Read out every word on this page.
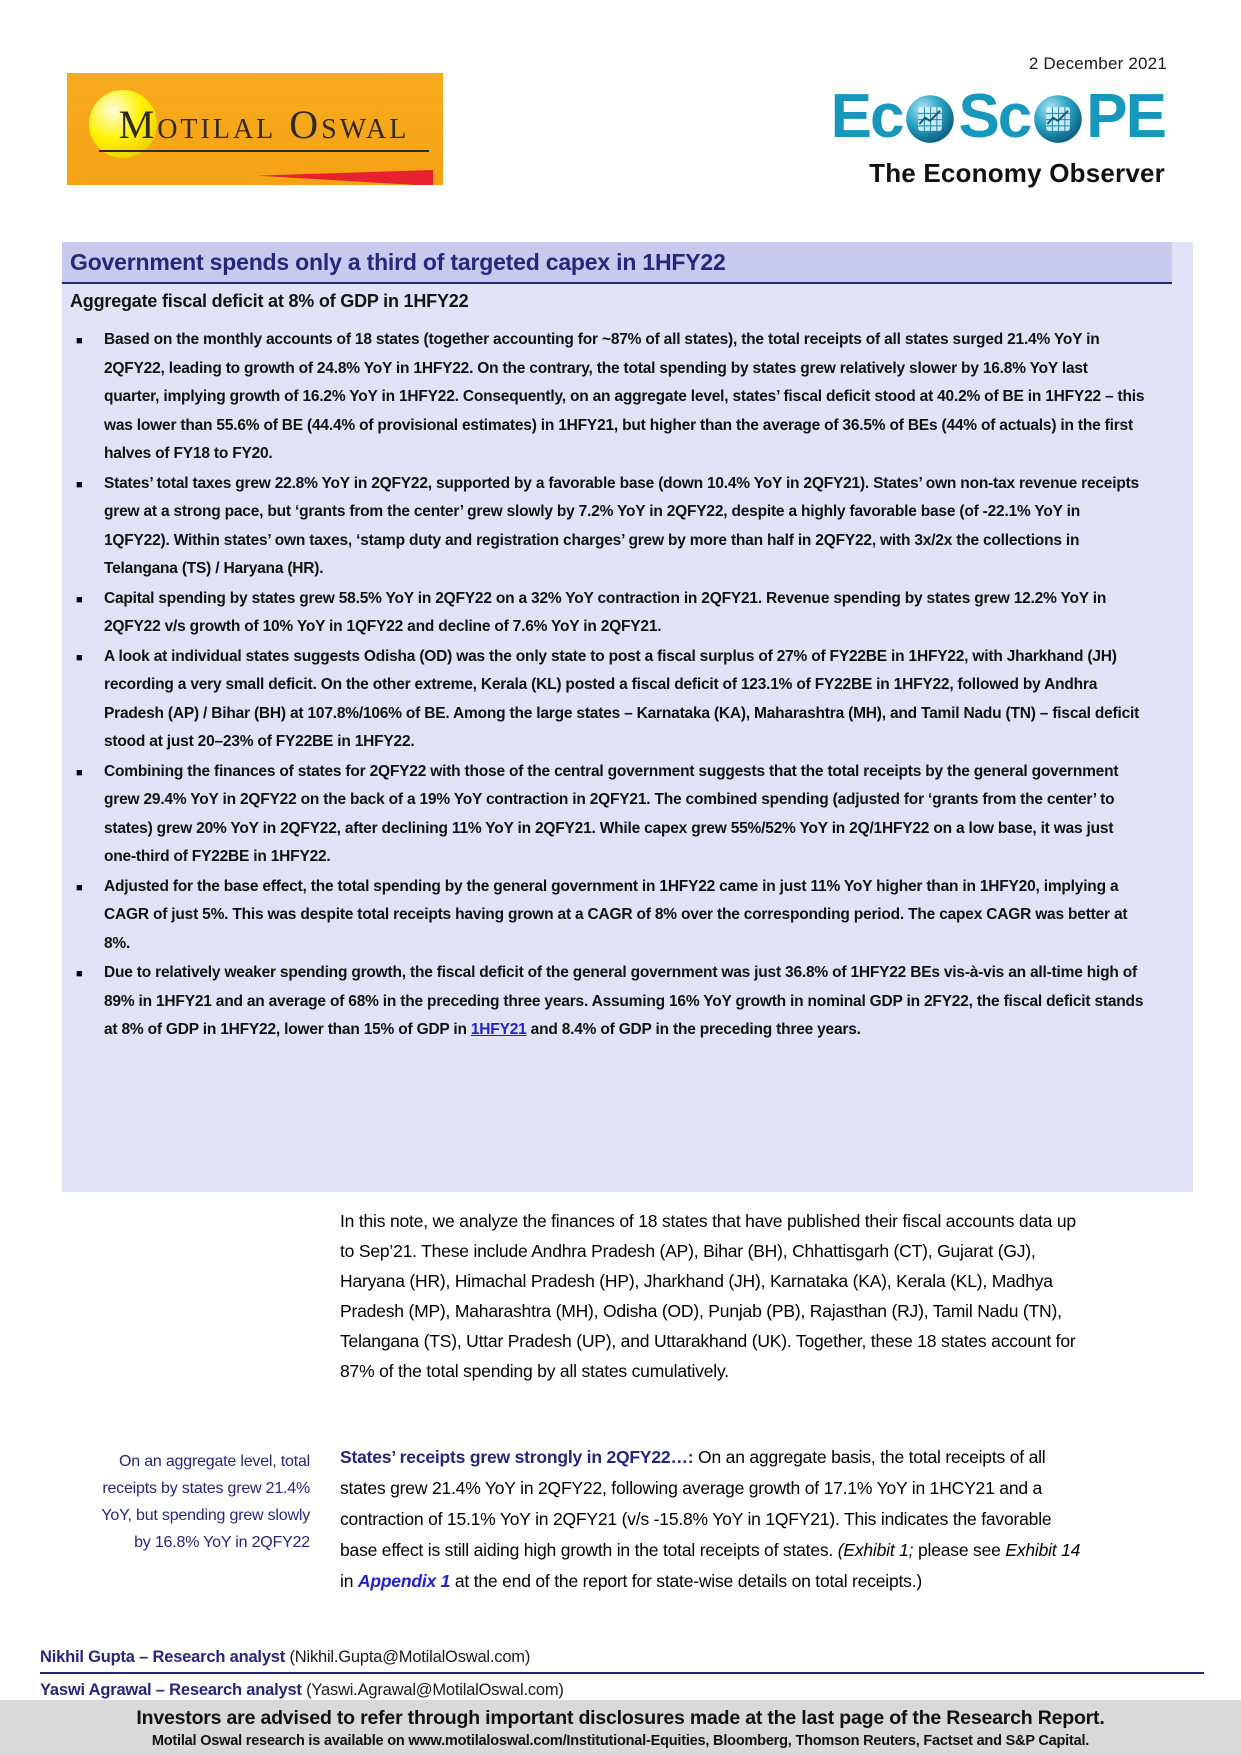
2 December 2021
Motilal Oswal	Ec Sc PE
The Economy Observer
Government spends only a third of targeted capex in 1HFY22
Aggregate fiscal deficit at 8% of GDP in 1HFY22
■ Based on the monthly accounts of 18 states (together accounting for ~87% of all states), the total receipts of all states surged 21.4% YoY in 2QFY22, leading to growth of 24.8% YoY in 1HFY22. On the contrary, the total spending by states grew relatively slower by 16.8% YoY last quarter, implying growth of 16.2% YoY in 1HFY22. Consequently, on an aggregate level, states’ fiscal deficit stood at 40.2% of BE in 1HFY22 – this was lower than 55.6% of BE (44.4% of provisional estimates) in 1HFY21, but higher than the average of 36.5% of BEs (44% of actuals) in the first halves of FY18 to FY20.
■ States’ total taxes grew 22.8% YoY in 2QFY22, supported by a favorable base (down 10.4% YoY in 2QFY21). States’ own non-tax revenue receipts grew at a strong pace, but ‘grants from the center’ grew slowly by 7.2% YoY in 2QFY22, despite a highly favorable base (of -22.1% YoY in 1QFY22). Within states’ own taxes, ‘stamp duty and registration charges’ grew by more than half in 2QFY22, with 3x/2x the collections in Telangana (TS) / Haryana (HR).
■ Capital spending by states grew 58.5% YoY in 2QFY22 on a 32% YoY contraction in 2QFY21. Revenue spending by states grew 12.2% YoY in 2QFY22 v/s growth of 10% YoY in 1QFY22 and decline of 7.6% YoY in 2QFY21.
■ A look at individual states suggests Odisha (OD) was the only state to post a fiscal surplus of 27% of FY22BE in 1HFY22, with Jharkhand (JH) recording a very small deficit. On the other extreme, Kerala (KL) posted a fiscal deficit of 123.1% of FY22BE in 1HFY22, followed by Andhra Pradesh (AP) / Bihar (BH) at 107.8%/106% of BE. Among the large states – Karnataka (KA), Maharashtra (MH), and Tamil Nadu (TN) – fiscal deficit stood at just 20–23% of FY22BE in 1HFY22.
■ Combining the finances of states for 2QFY22 with those of the central government suggests that the total receipts by the general government grew 29.4% YoY in 2QFY22 on the back of a 19% YoY contraction in 2QFY21. The combined spending (adjusted for ‘grants from the center’ to states) grew 20% YoY in 2QFY22, after declining 11% YoY in 2QFY21. While capex grew 55%/52% YoY in 2Q/1HFY22 on a low base, it was just one-third of FY22BE in 1HFY22.
■ Adjusted for the base effect, the total spending by the general government in 1HFY22 came in just 11% YoY higher than in 1HFY20, implying a CAGR of just 5%. This was despite total receipts having grown at a CAGR of 8% over the corresponding period. The capex CAGR was better at 8%.
■ Due to relatively weaker spending growth, the fiscal deficit of the general government was just 36.8% of 1HFY22 BEs vis-à-vis an all-time high of 89% in 1HFY21 and an average of 68% in the preceding three years. Assuming 16% YoY growth in nominal GDP in 2FY22, the fiscal deficit stands at 8% of GDP in 1HFY22, lower than 15% of GDP in 1HFY21 and 8.4% of GDP in the preceding three years.
In this note, we analyze the finances of 18 states that have published their fiscal accounts data up to Sep’21. These include Andhra Pradesh (AP), Bihar (BH), Chhattisgarh (CT), Gujarat (GJ), Haryana (HR), Himachal Pradesh (HP), Jharkhand (JH), Karnataka (KA), Kerala (KL), Madhya Pradesh (MP), Maharashtra (MH), Odisha (OD), Punjab (PB), Rajasthan (RJ), Tamil Nadu (TN), Telangana (TS), Uttar Pradesh (UP), and Uttarakhand (UK). Together, these 18 states account for 87% of the total spending by all states cumulatively.
On an aggregate level, total receipts by states grew 21.4% YoY, but spending grew slowly by 16.8% YoY in 2QFY22
States’ receipts grew strongly in 2QFY22…: On an aggregate basis, the total receipts of all states grew 21.4% YoY in 2QFY22, following average growth of 17.1% YoY in 1HCY21 and a contraction of 15.1% YoY in 2QFY21 (v/s -15.8% YoY in 1QFY21). This indicates the favorable base effect is still aiding high growth in the total receipts of states. (Exhibit 1; please see Exhibit 14 in Appendix 1 at the end of the report for state-wise details on total receipts.)
Nikhil Gupta – Research analyst (Nikhil.Gupta@MotilalOswal.com)
Yaswi Agrawal – Research analyst (Yaswi.Agrawal@MotilalOswal.com)
Investors are advised to refer through important disclosures made at the last page of the Research Report.
Motilal Oswal research is available on www.motilaloswal.com/Institutional-Equities, Bloomberg, Thomson Reuters, Factset and S&P Capital.
